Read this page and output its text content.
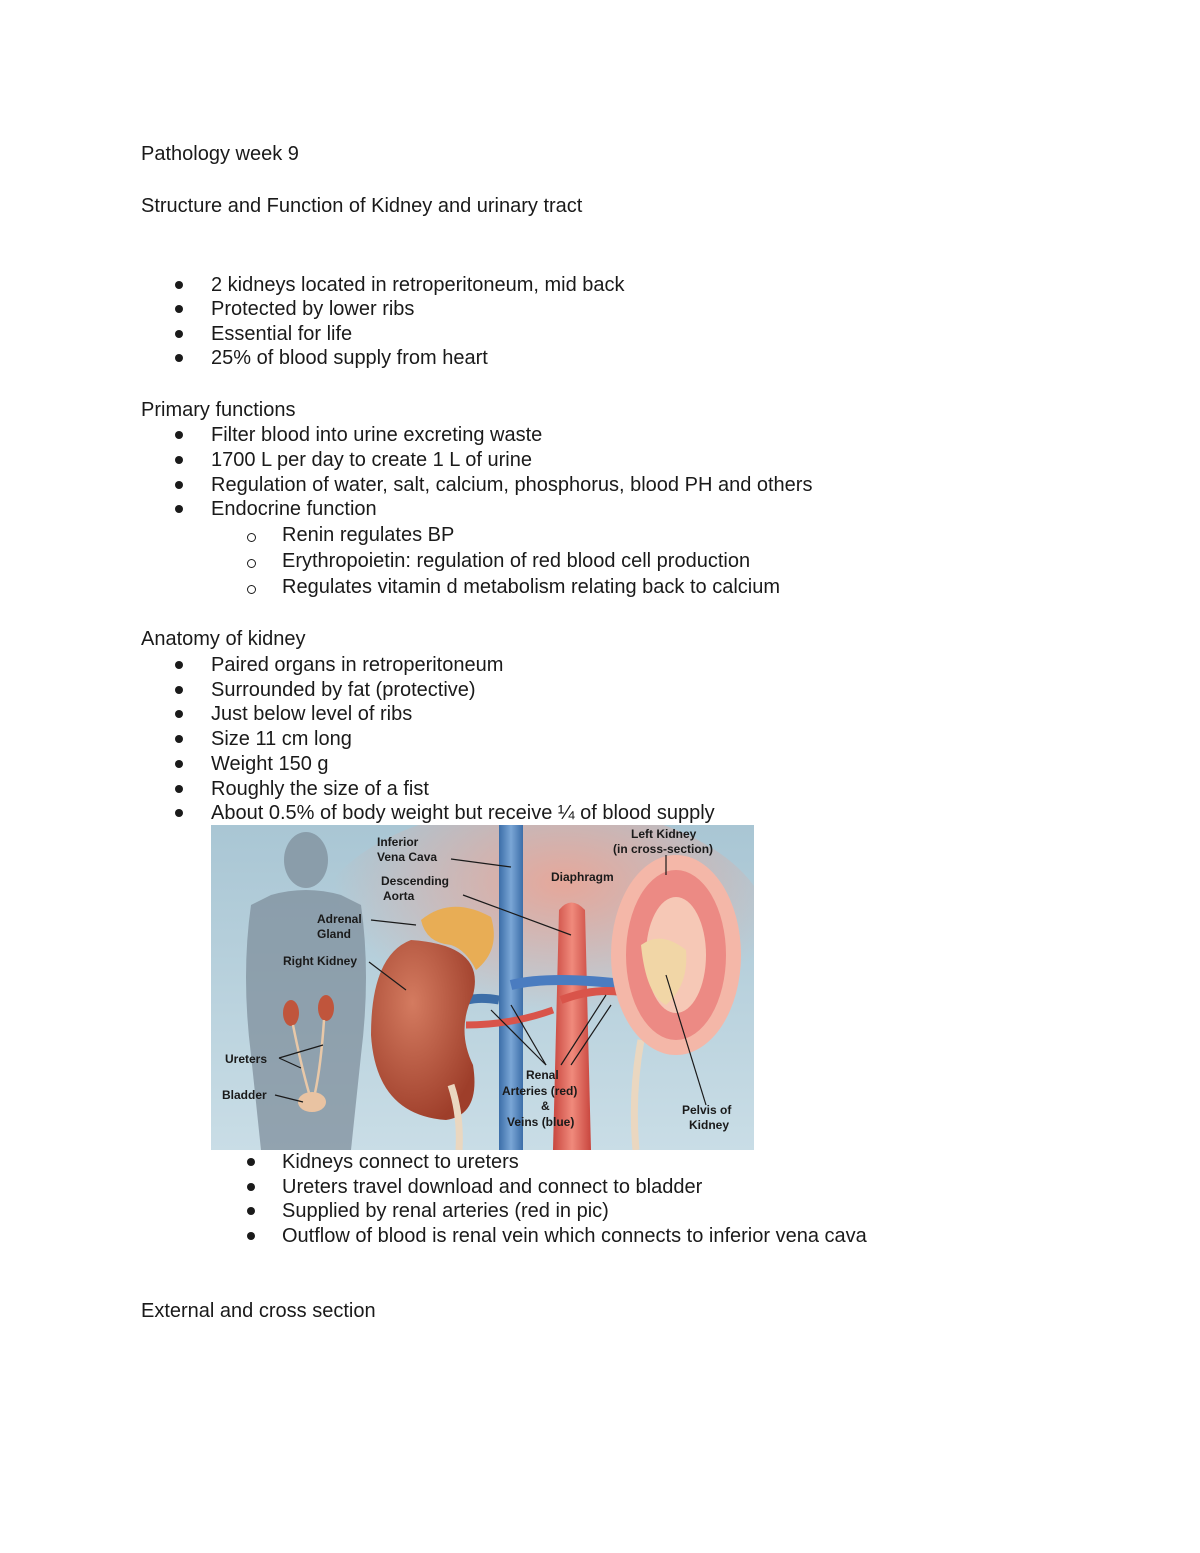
Pathology week 9
Structure and Function of Kidney and urinary tract
2 kidneys located in retroperitoneum, mid back
Protected by lower ribs
Essential for life
25% of blood supply from heart
Primary functions
Filter blood into urine excreting waste
1700 L per day to create 1 L of urine
Regulation of water, salt, calcium, phosphorus, blood PH and others
Endocrine function
Renin regulates BP
Erythropoietin: regulation of red blood cell production
Regulates vitamin d metabolism relating back to calcium
Anatomy of kidney
Paired organs in retroperitoneum
Surrounded by fat (protective)
Just below level of ribs
Size 11 cm long
Weight 150 g
Roughly the size of a fist
About 0.5% of body weight but receive ¼ of blood supply
Inferior
Vena Cava
Descending
Aorta
Diaphragm
Left Kidney
(in cross-section)
Adrenal
Gland
Right Kidney
Ureters
Bladder
Renal
Arteries (red)
&
Veins (blue)
Pelvis of
Kidney
Kidneys connect to ureters
Ureters travel download and connect to bladder
Supplied by renal arteries (red in pic)
Outflow of blood is renal vein which connects to inferior vena cava
External and cross section
